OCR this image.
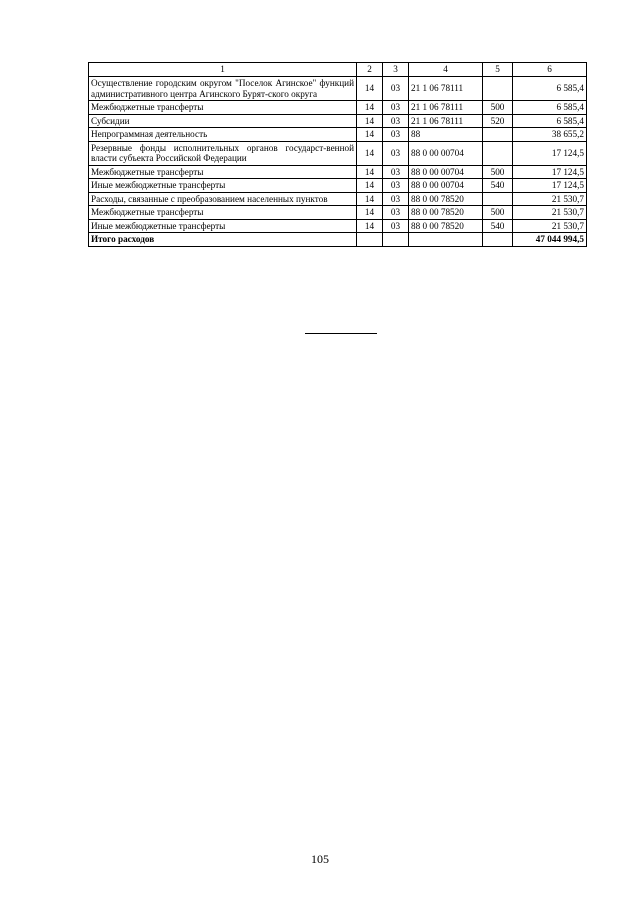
1	2	3	4	5	6
Осуществление городским округом "Поселок Агинское" функций административного центра Агинского Бурят-ского округа	14	03	21 1 06 78111		6 585,4
Межбюджетные трансферты	14	03	21 1 06 78111	500	6 585,4
Субсидии	14	03	21 1 06 78111	520	6 585,4
Непрограммная деятельность	14	03	88		38 655,2
Резервные фонды исполнительных органов государст-венной власти субъекта Российской Федерации	14	03	88 0 00 00704		17 124,5
Межбюджетные трансферты	14	03	88 0 00 00704	500	17 124,5
Иные межбюджетные трансферты	14	03	88 0 00 00704	540	17 124,5
Расходы, связанные с преобразованием населенных пунктов	14	03	88 0 00 78520		21 530,7
Межбюджетные трансферты	14	03	88 0 00 78520	500	21 530,7
Иные межбюджетные трансферты	14	03	88 0 00 78520	540	21 530,7
Итого расходов					47 044 994,5
105
